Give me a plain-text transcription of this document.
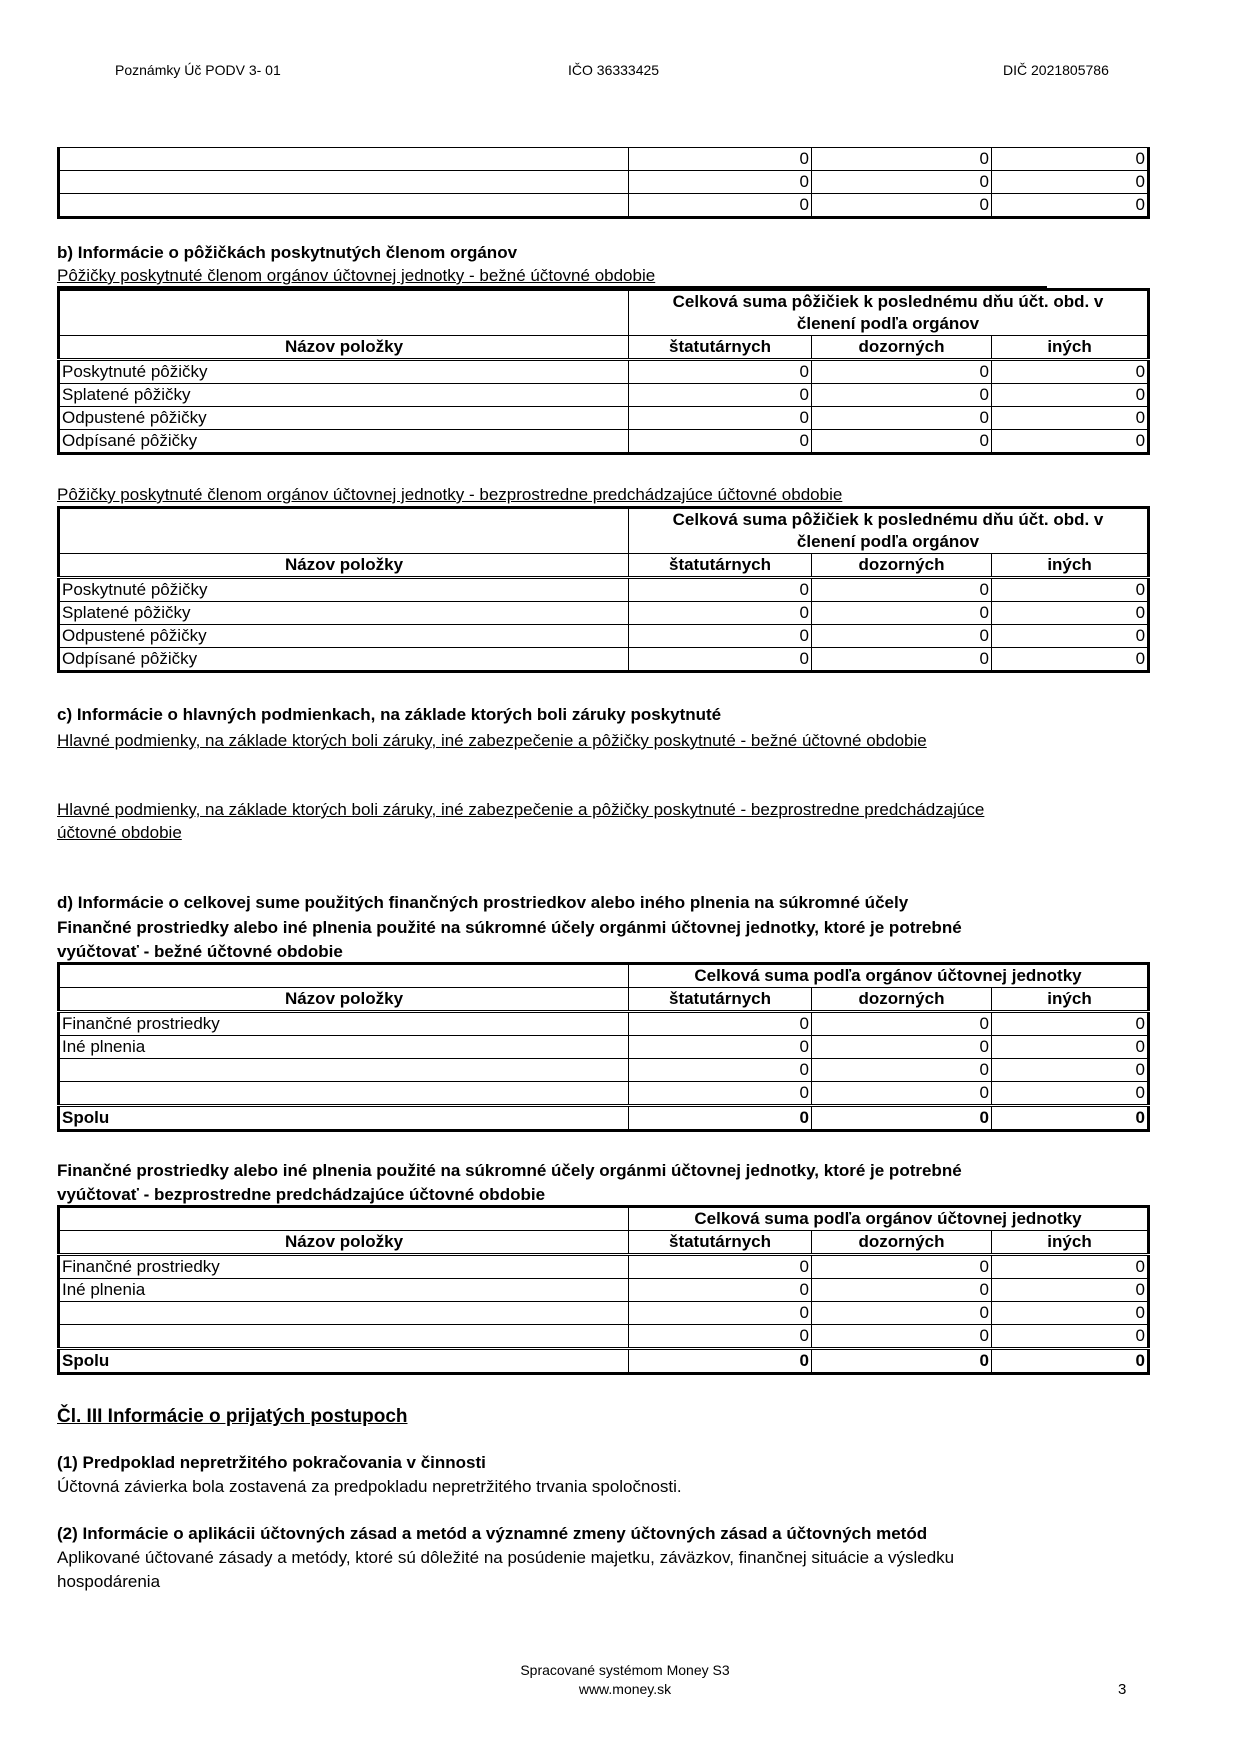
Poznámky Úč PODV 3- 01	IČO 36333425	DIČ 2021805786
	0	0	0
	0	0	0
	0	0	0
b) Informácie o pôžičkách poskytnutých členom orgánov
Pôžičky poskytnuté členom orgánov účtovnej jednotky - bežné účtovné obdobie
	Celková suma pôžičiek k poslednému dňu účt. obd. v		
	členení podľa orgánov		
Názov položky	štatutárnych	dozorných	iných
Poskytnuté pôžičky	0	0	0
Splatené pôžičky	0	0	0
Odpustené pôžičky	0	0	0
Odpísané pôžičky	0	0	0
Pôžičky poskytnuté členom orgánov účtovnej jednotky - bezprostredne predchádzajúce účtovné obdobie
	Celková suma pôžičiek k poslednému dňu účt. obd. v		
	členení podľa orgánov		
Názov položky	štatutárnych	dozorných	iných
Poskytnuté pôžičky	0	0	0
Splatené pôžičky	0	0	0
Odpustené pôžičky	0	0	0
Odpísané pôžičky	0	0	0
c) Informácie o hlavných podmienkach, na základe ktorých boli záruky poskytnuté
Hlavné podmienky, na základe ktorých boli záruky, iné zabezpečenie a pôžičky poskytnuté - bežné účtovné obdobie
Hlavné podmienky, na základe ktorých boli záruky, iné zabezpečenie a pôžičky poskytnuté - bezprostredne predchádzajúce
účtovné obdobie
d) Informácie o celkovej sume použitých finančných prostriedkov alebo iného plnenia na súkromné účely
Finančné prostriedky alebo iné plnenia použité na súkromné účely orgánmi účtovnej jednotky, ktoré je potrebné
vyúčtovať - bežné účtovné obdobie
	Celková suma podľa orgánov účtovnej jednotky		
Názov položky	štatutárnych	dozorných	iných
Finančné prostriedky	0	0	0
Iné plnenia	0	0	0
	0	0	0
	0	0	0
Spolu	0	0	0
Finančné prostriedky alebo iné plnenia použité na súkromné účely orgánmi účtovnej jednotky, ktoré je potrebné
vyúčtovať - bezprostredne predchádzajúce účtovné obdobie
	Celková suma podľa orgánov účtovnej jednotky		
Názov položky	štatutárnych	dozorných	iných
Finančné prostriedky	0	0	0
Iné plnenia	0	0	0
	0	0	0
	0	0	0
Spolu	0	0	0
Čl. III Informácie o prijatých postupoch
(1) Predpoklad nepretržitého pokračovania v činnosti
Účtovná závierka bola zostavená za predpokladu nepretržitého trvania spoločnosti.
(2) Informácie o aplikácii účtovných zásad a metód a významné zmeny účtovných zásad a účtovných metód
Aplikované účtované zásady a metódy, ktoré sú dôležité na posúdenie majetku, záväzkov, finančnej situácie a výsledku
hospodárenia
Spracované systémom Money S3
www.money.sk	3
